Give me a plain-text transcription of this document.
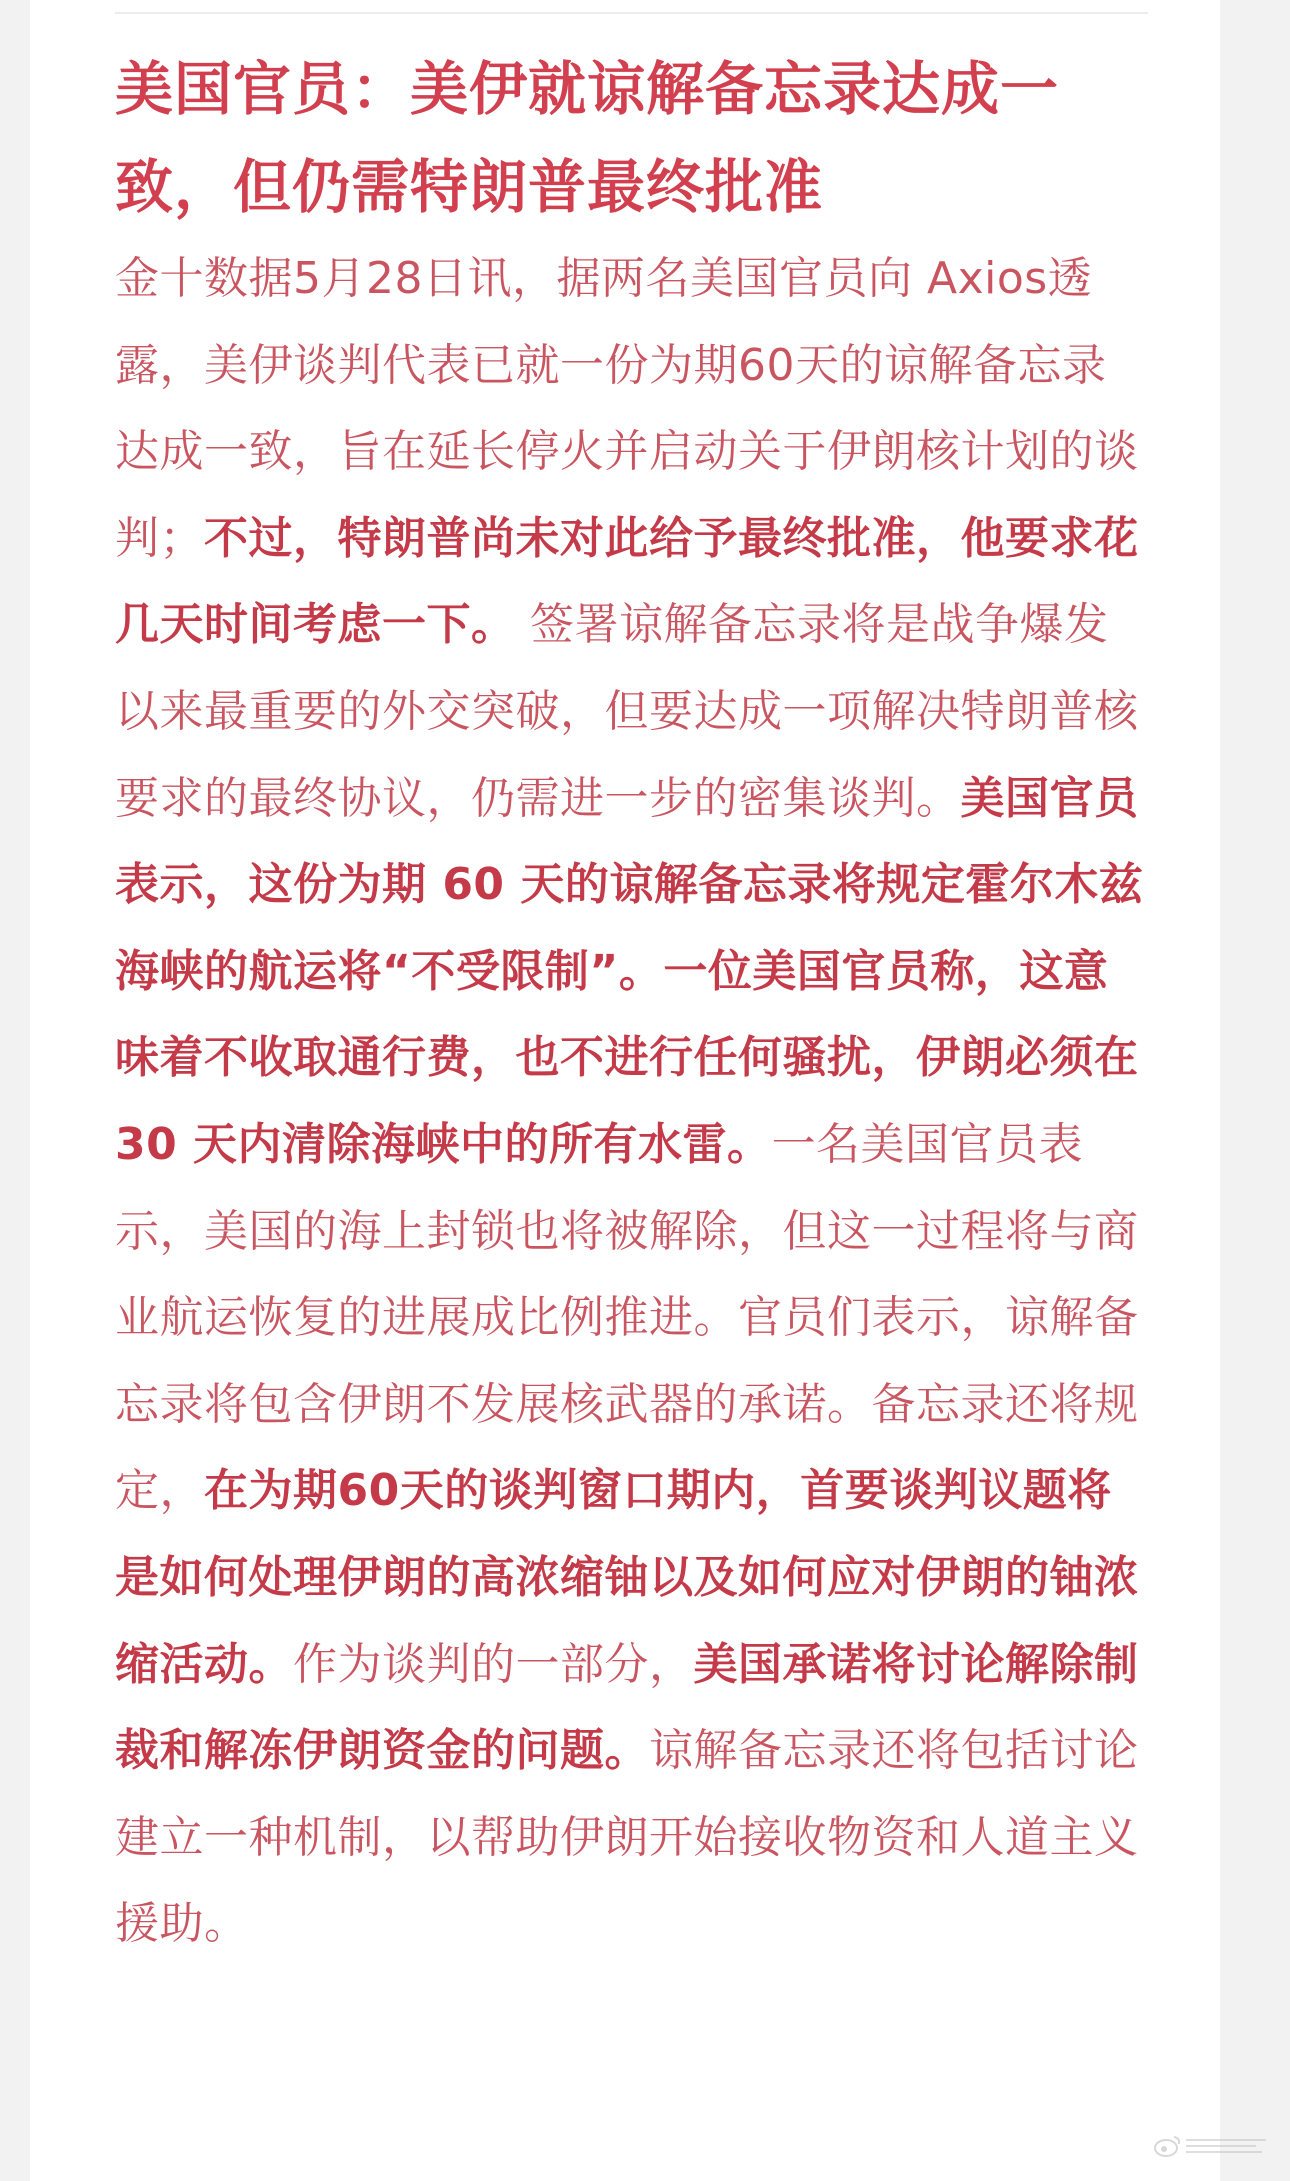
美国官员：美伊就谅解备忘录达成一致，但仍需特朗普最终批准

金十数据5月28日讯，据两名美国官员向 Axios透露，美伊谈判代表已就一份为期60天的谅解备忘录达成一致，旨在延长停火并启动关于伊朗核计划的谈判；不过，特朗普尚未对此给予最终批准，他要求花几天时间考虑一下。 签署谅解备忘录将是战争爆发以来最重要的外交突破，但要达成一项解决特朗普核要求的最终协议，仍需进一步的密集谈判。美国官员表示，这份为期 60 天的谅解备忘录将规定霍尔木兹海峡的航运将“不受限制”。一位美国官员称，这意味着不收取通行费，也不进行任何骚扰，伊朗必须在 30 天内清除海峡中的所有水雷。一名美国官员表示，美国的海上封锁也将被解除，但这一过程将与商业航运恢复的进展成比例推进。官员们表示，谅解备忘录将包含伊朗不发展核武器的承诺。备忘录还将规定，在为期60天的谈判窗口期内，首要谈判议题将是如何处理伊朗的高浓缩铀以及如何应对伊朗的铀浓缩活动。作为谈判的一部分，美国承诺将讨论解除制裁和解冻伊朗资金的问题。谅解备忘录还将包括讨论建立一种机制，以帮助伊朗开始接收物资和人道主义援助。
